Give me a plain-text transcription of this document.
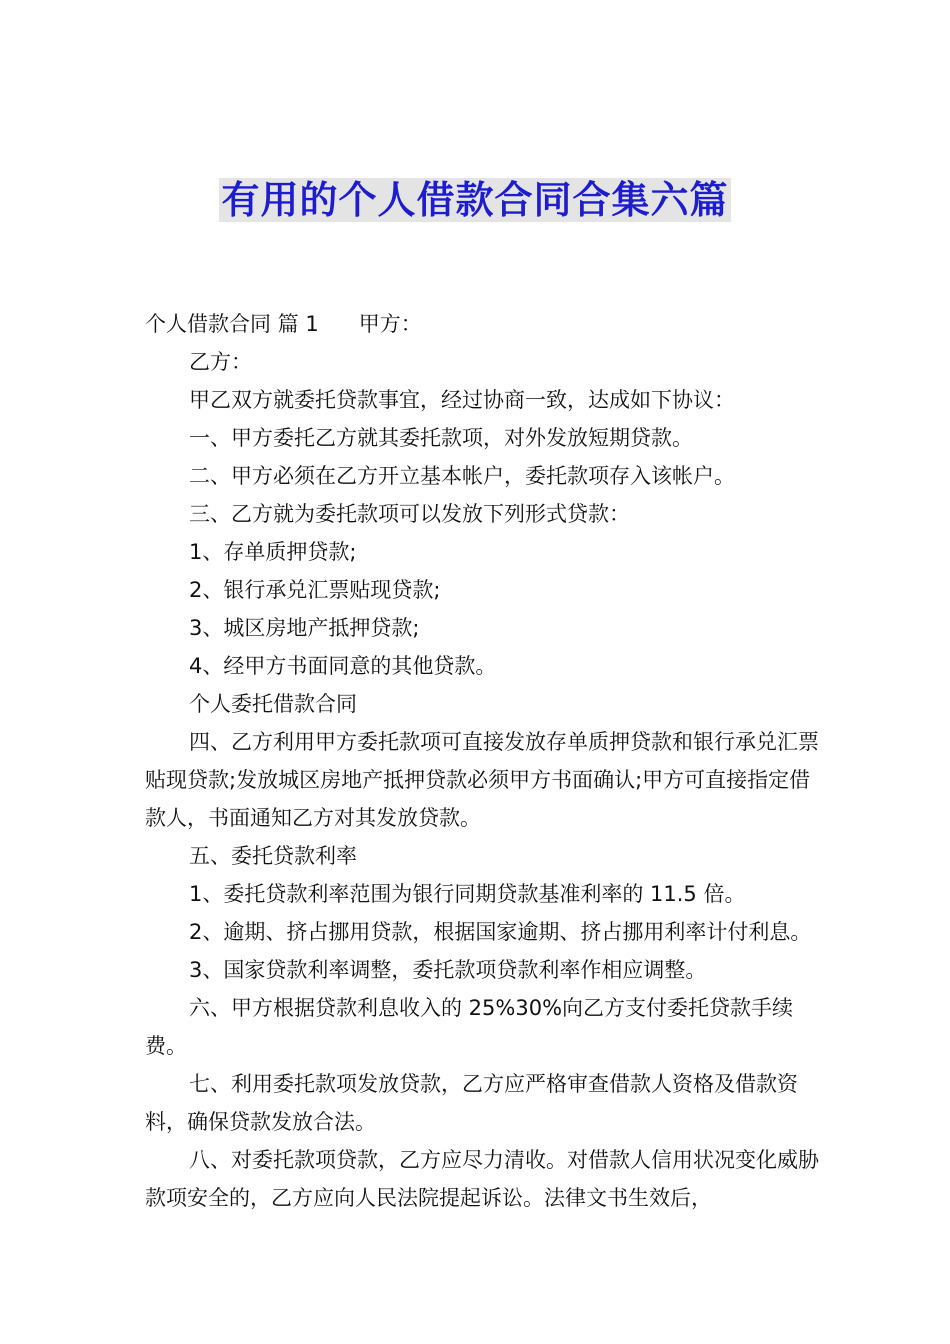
有用的个人借款合同合集六篇

个人借款合同 篇 1 甲方：

乙方：

甲乙双方就委托贷款事宜，经过协商一致，达成如下协议：

一、甲方委托乙方就其委托款项，对外发放短期贷款。

二、甲方必须在乙方开立基本帐户，委托款项存入该帐户。

三、乙方就为委托款项可以发放下列形式贷款：

1、存单质押贷款;

2、银行承兑汇票贴现贷款;

3、城区房地产抵押贷款;

4、经甲方书面同意的其他贷款。

个人委托借款合同

四、乙方利用甲方委托款项可直接发放存单质押贷款和银行承兑汇票贴现贷款;发放城区房地产抵押贷款必须甲方书面确认;甲方可直接指定借款人，书面通知乙方对其发放贷款。

五、委托贷款利率

1、委托贷款利率范围为银行同期贷款基准利率的 11.5 倍。

2、逾期、挤占挪用贷款，根据国家逾期、挤占挪用利率计付利息。

3、国家贷款利率调整，委托款项贷款利率作相应调整。

六、甲方根据贷款利息收入的 25%30%向乙方支付委托贷款手续费。

七、利用委托款项发放贷款，乙方应严格审查借款人资格及借款资料，确保贷款发放合法。

八、对委托款项贷款，乙方应尽力清收。对借款人信用状况变化威胁款项安全的，乙方应向人民法院提起诉讼。法律文书生效后，
